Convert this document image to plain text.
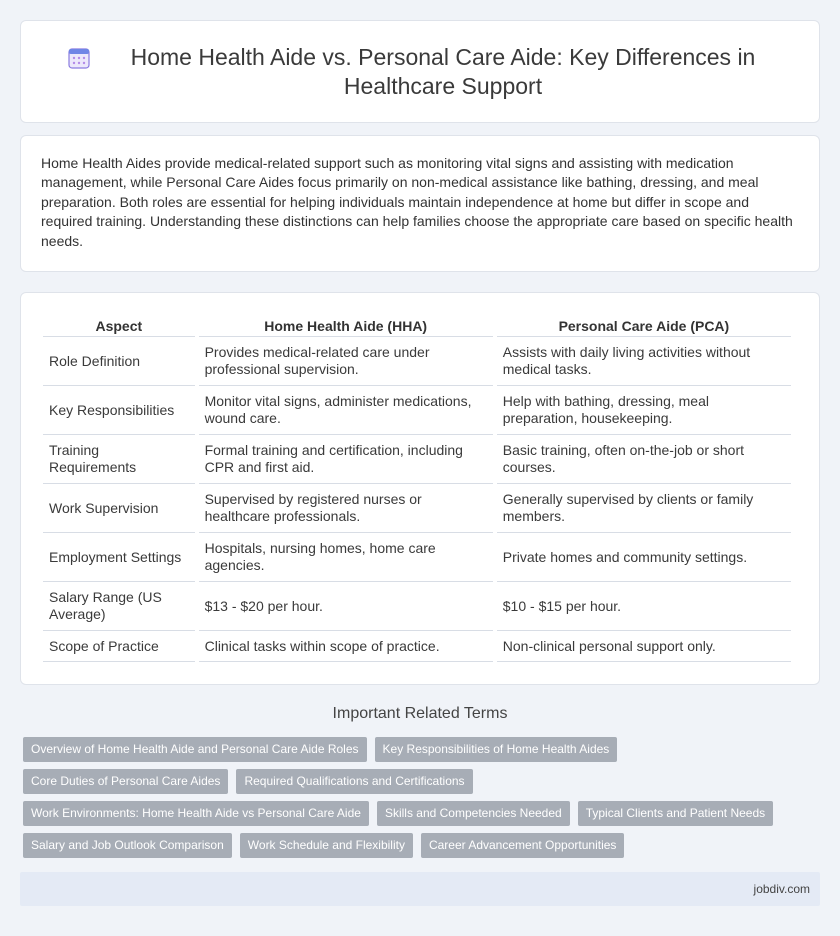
Home Health Aide vs. Personal Care Aide: Key Differences in Healthcare Support

Home Health Aides provide medical-related support such as monitoring vital signs and assisting with medication management, while Personal Care Aides focus primarily on non-medical assistance like bathing, dressing, and meal preparation. Both roles are essential for helping individuals maintain independence at home but differ in scope and required training. Understanding these distinctions can help families choose the appropriate care based on specific health needs.

Aspect	Home Health Aide (HHA)	Personal Care Aide (PCA)
Role Definition	Provides medical-related care under professional supervision.	Assists with daily living activities without medical tasks.
Key Responsibilities	Monitor vital signs, administer medications, wound care.	Help with bathing, dressing, meal preparation, housekeeping.
Training Requirements	Formal training and certification, including CPR and first aid.	Basic training, often on-the-job or short courses.
Work Supervision	Supervised by registered nurses or healthcare professionals.	Generally supervised by clients or family members.
Employment Settings	Hospitals, nursing homes, home care agencies.	Private homes and community settings.
Salary Range (US Average)	$13 - $20 per hour.	$10 - $15 per hour.
Scope of Practice	Clinical tasks within scope of practice.	Non-clinical personal support only.
Important Related Terms
Overview of Home Health Aide and Personal Care Aide Roles	Key Responsibilities of Home Health Aides
Core Duties of Personal Care Aides	Required Qualifications and Certifications
Work Environments: Home Health Aide vs Personal Care Aide	Skills and Competencies Needed	Typical Clients and Patient Needs
Salary and Job Outlook Comparison	Work Schedule and Flexibility	Career Advancement Opportunities
jobdiv.com
